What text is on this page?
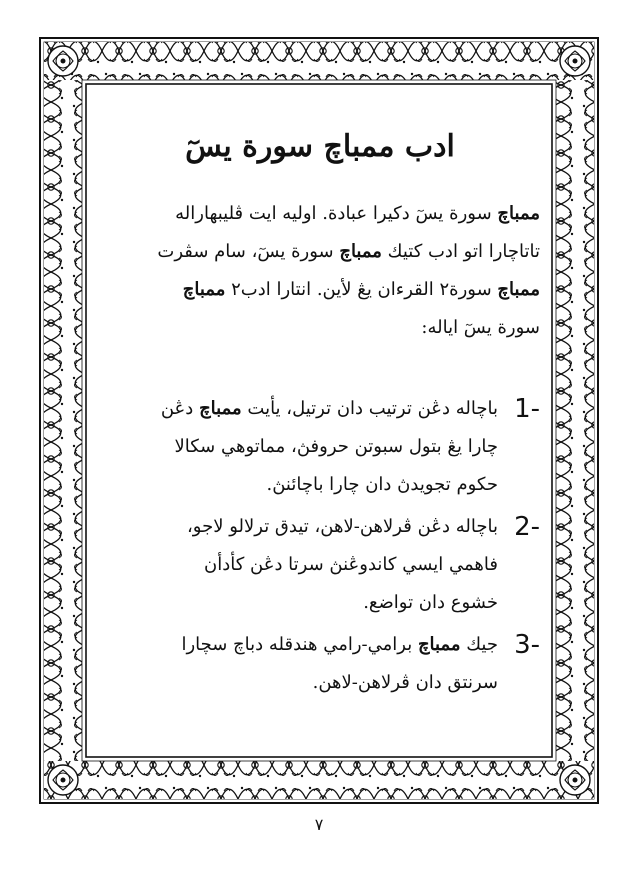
ادب ممباچ سورة يسٓ
ممباچ سورة يسٓ دکيرا عبادة. اوليه ايت ڤليبهاراله
تاتاچارا اتو ادب کتيك ممباچ سورة يسٓ، سام سڤرت
ممباچ سورة٢ القرءان يڠ لأين. انتارا ادب٢ ممباچ
سورة يسٓ اياله:
1-
باچاله دڠن ترتيب دان ترتيل، يأيت ممباچ دڠن
چارا يڠ بتول سبوتن حروفڽ، مماتوهي سکالا
حکوم تجويدڽ دان چارا باچائنڽ.
2-
باچاله دڠن ڤرلاهن-لاهن، تيدق ترلالو لاجو،
فاهمي ايسي کاندوڠنڽ سرتا دڠن کأدأن
خشوع دان تواضع.
3-
جيك ممباچ برامي-رامي هندقله دباچ سچارا
سرنتق دان ڤرلاهن-لاهن.
٧
